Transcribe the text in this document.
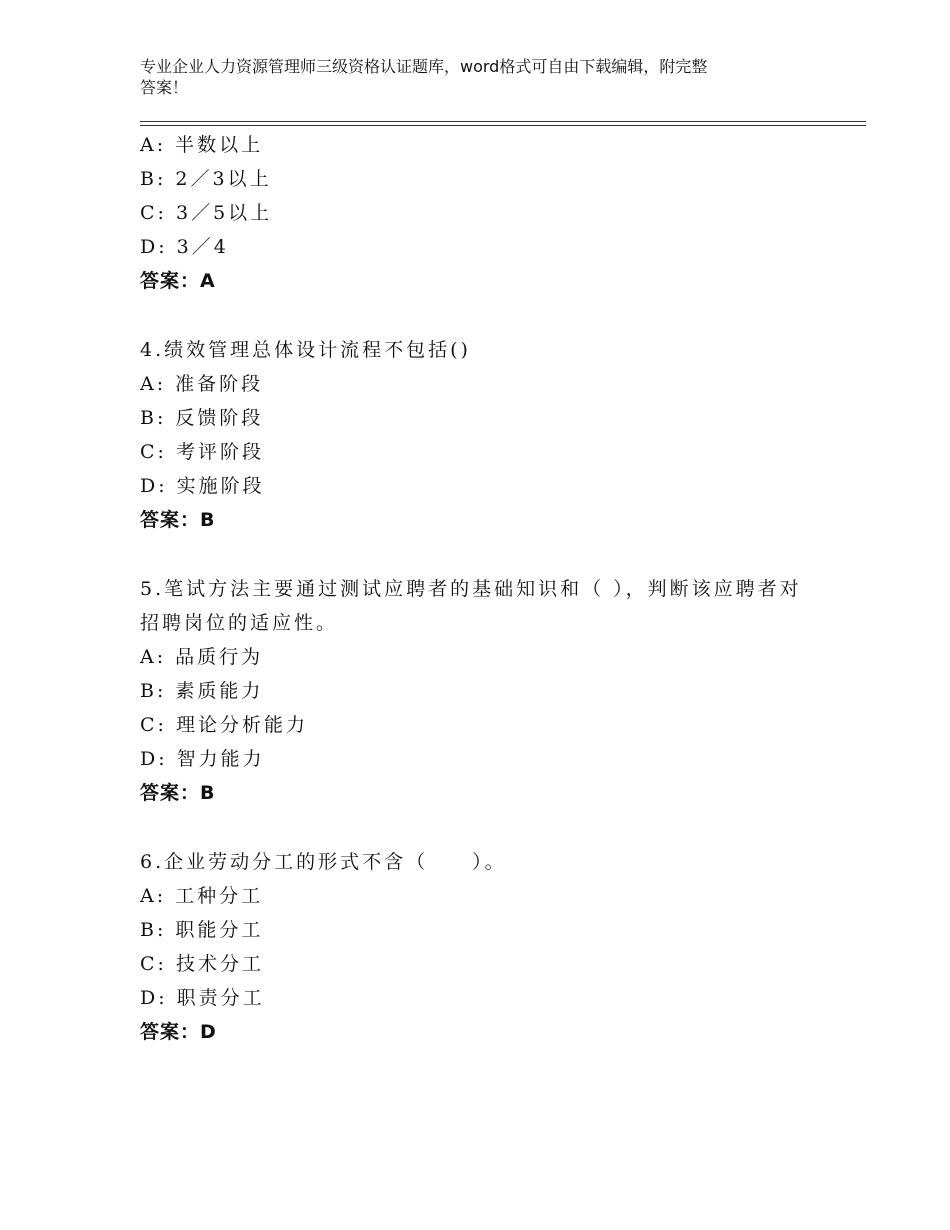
专业企业人力资源管理师三级资格认证题库，word格式可自由下载编辑，附完整
答案！
A: 半数以上
B: 2／3以上
C: 3／5以上
D: 3／4
答案：A
4.绩效管理总体设计流程不包括()
A: 准备阶段
B: 反馈阶段
C: 考评阶段
D: 实施阶段
答案：B
5.笔试方法主要通过测试应聘者的基础知识和（ ），判断该应聘者对
招聘岗位的适应性。
A: 品质行为
B: 素质能力
C: 理论分析能力
D: 智力能力
答案：B
6.企业劳动分工的形式不含（　　）。
A: 工种分工
B: 职能分工
C: 技术分工
D: 职责分工
答案：D
